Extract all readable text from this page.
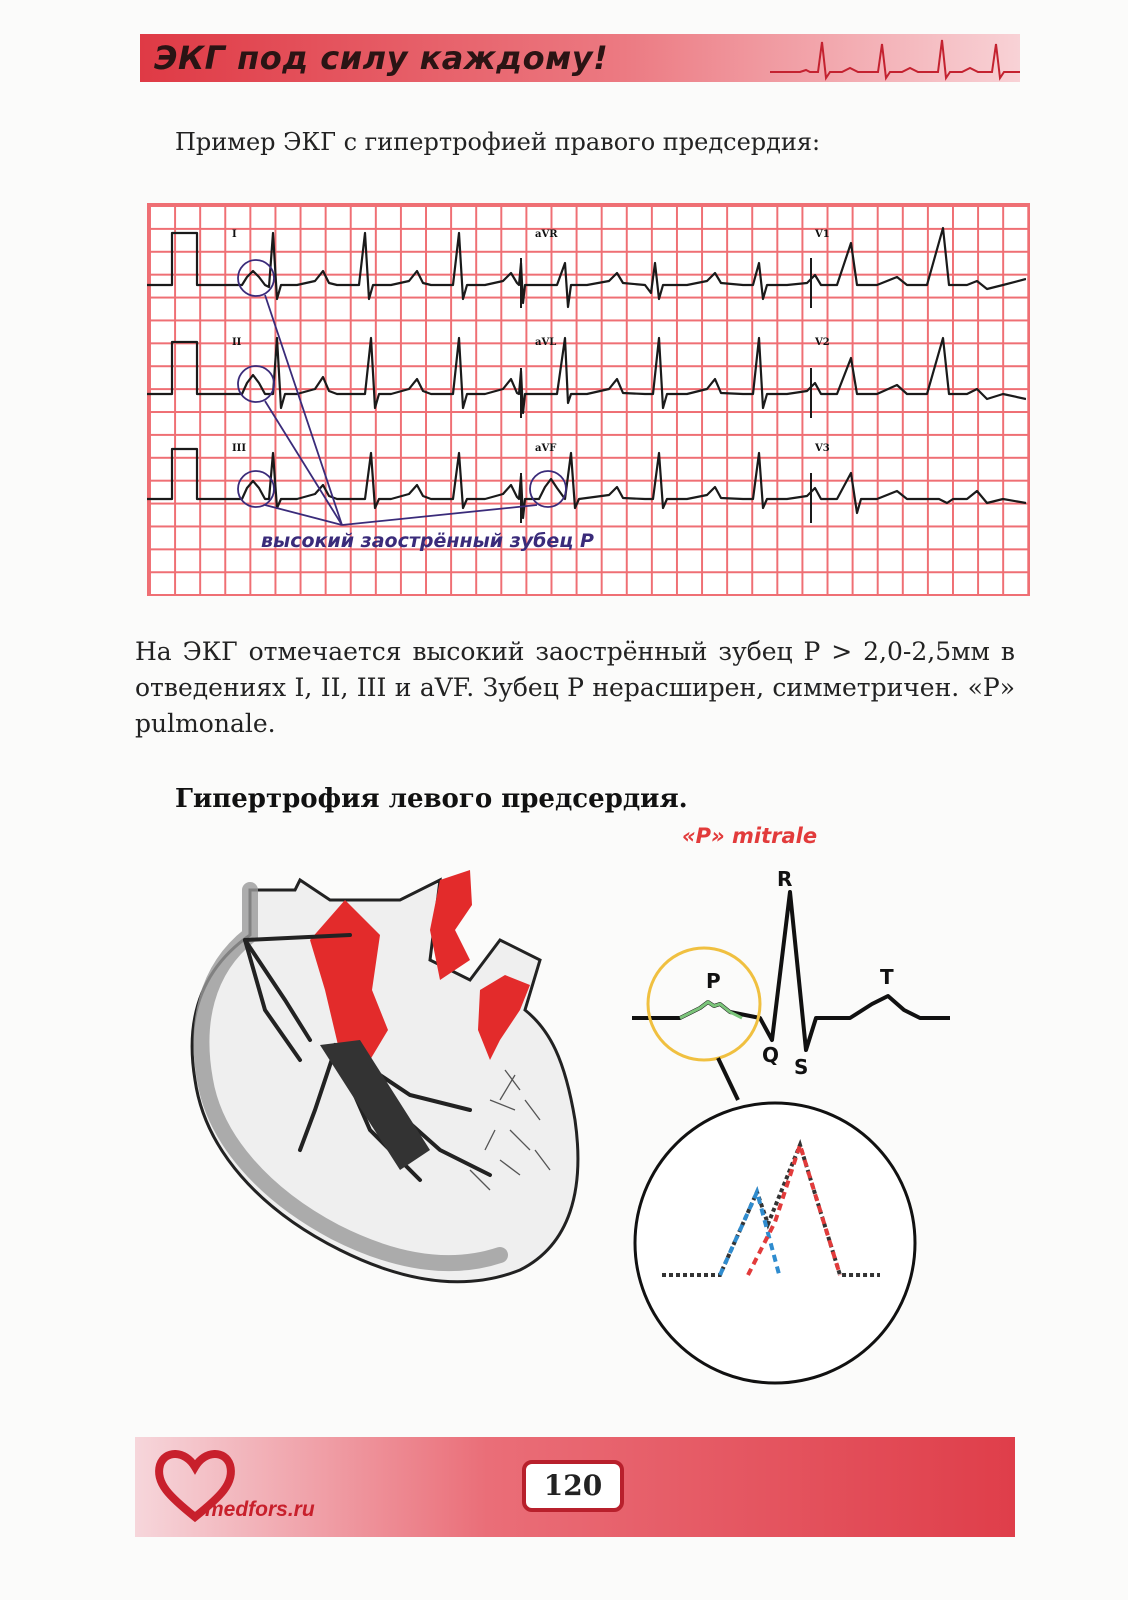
ЭКГ под силу каждому!
Пример ЭКГ с гипертрофией правого предсердия:
I	aVR	V1
II	aVL	V2
III	aVF	V3
высокий заострённый зубец P
На ЭКГ отмечается высокий заострённый зубец P > 2,0-2,5мм в отведениях I, II, III и aVF. Зубец P нерасширен, симметричен. «P» pulmonale.
Гипертрофия левого предсердия.
«P» mitrale
P
R
T
Q S
medfors.ru
120
